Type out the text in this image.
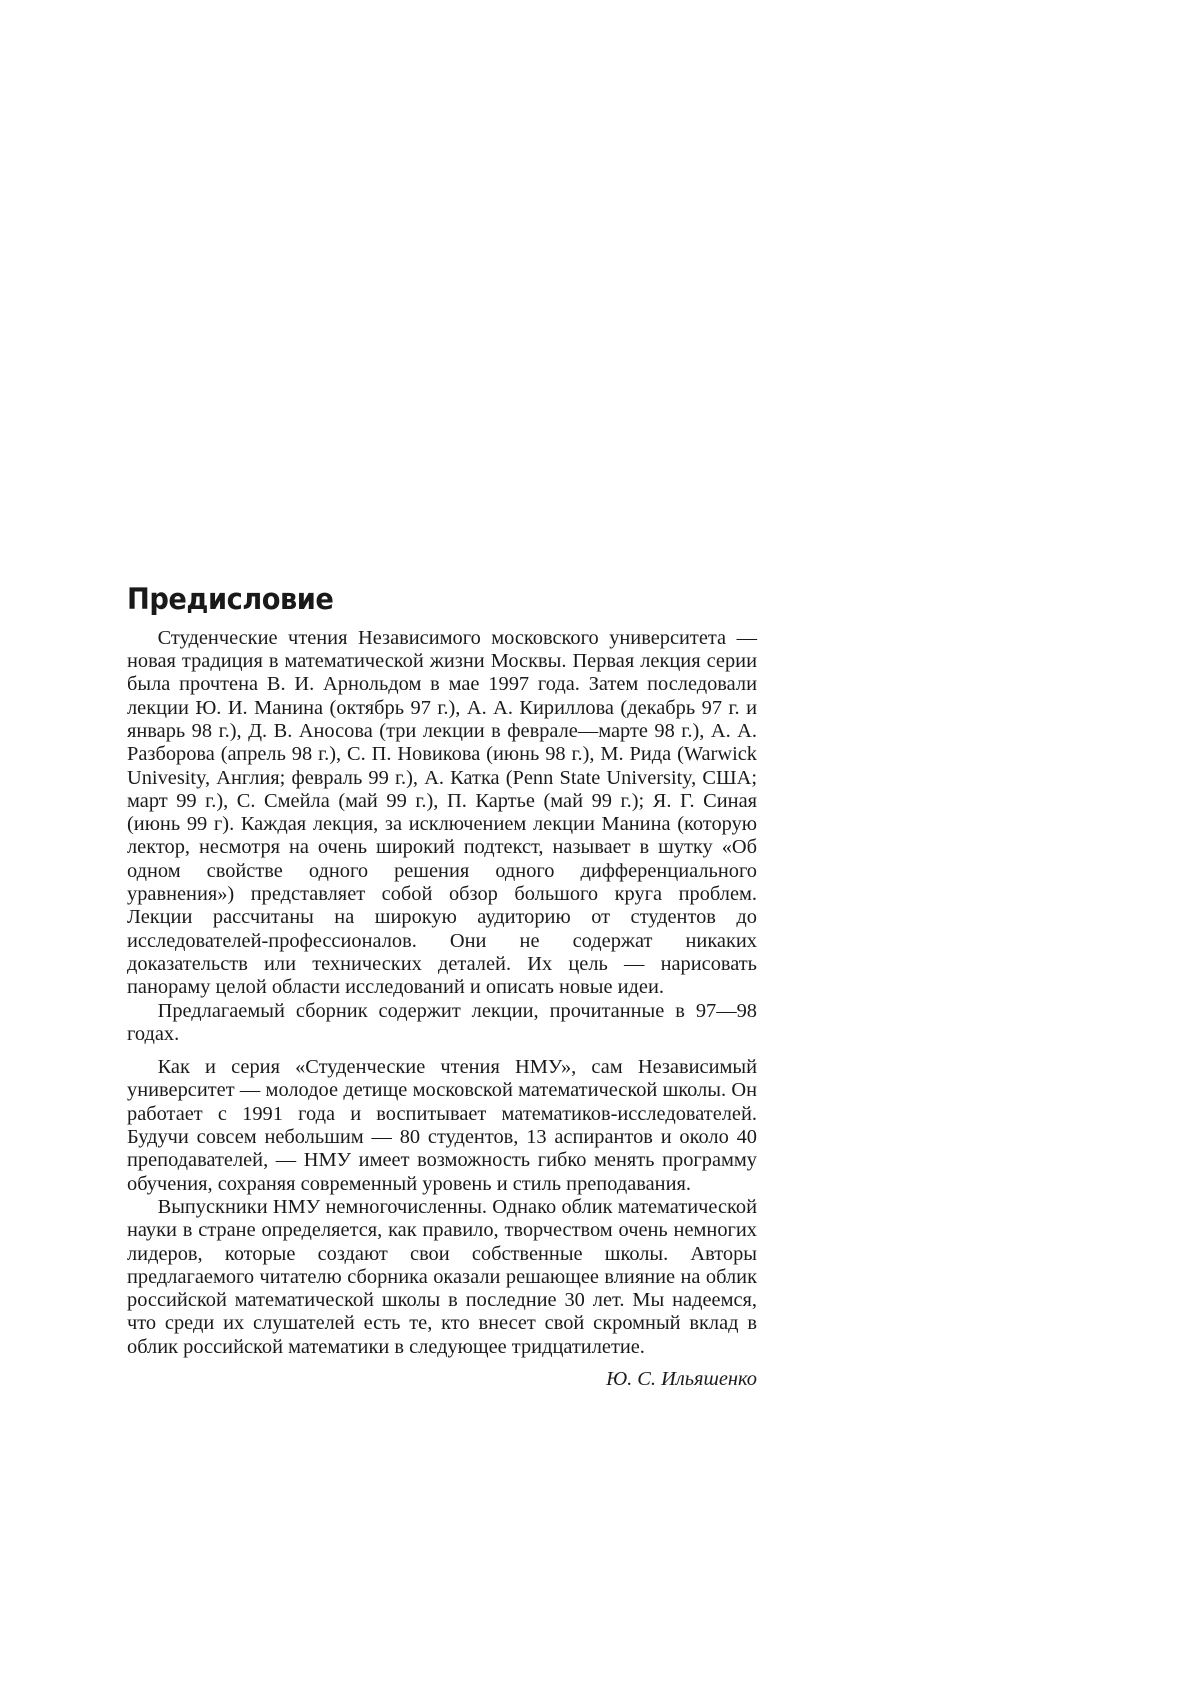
Предисловие

Студенческие чтения Независимого московского университета — новая традиция в математической жизни Москвы. Первая лекция серии была прочтена В. И. Арнольдом в мае 1997 года. Затем последовали лекции Ю. И. Манина (октябрь 97 г.), А. А. Кириллова (декабрь 97 г. и январь 98 г.), Д. В. Аносова (три лекции в феврале—марте 98 г.), А. А. Разборова (апрель 98 г.), С. П. Новикова (июнь 98 г.), М. Рида (Warwick Univesity, Англия; февраль 99 г.), А. Катка (Penn State University, США; март 99 г.), С. Смейла (май 99 г.), П. Картье (май 99 г.); Я. Г. Синая (июнь 99 г). Каждая лекция, за исключением лекции Манина (которую лектор, несмотря на очень широкий подтекст, называет в шутку «Об одном свойстве одного решения одного дифференциального уравнения») представляет собой обзор большого круга проблем. Лекции рассчитаны на широкую аудиторию от студентов до исследователей-профессионалов. Они не содержат никаких доказательств или технических деталей. Их цель — нарисовать панораму целой области исследований и описать новые идеи.

Предлагаемый сборник содержит лекции, прочитанные в 97—98 годах.

Как и серия «Студенческие чтения НМУ», сам Независимый университет — молодое детище московской математической школы. Он работает с 1991 года и воспитывает математиков-исследователей. Будучи совсем небольшим — 80 студентов, 13 аспирантов и около 40 преподавателей, — НМУ имеет возможность гибко менять программу обучения, сохраняя современный уровень и стиль преподавания.

Выпускники НМУ немногочисленны. Однако облик математической науки в стране определяется, как правило, творчеством очень немногих лидеров, которые создают свои собственные школы. Авторы предлагаемого читателю сборника оказали решающее влияние на облик российской математической школы в последние 30 лет. Мы надеемся, что среди их слушателей есть те, кто внесет свой скромный вклад в облик российской математики в следующее тридцатилетие.

Ю. С. Ильяшенко
